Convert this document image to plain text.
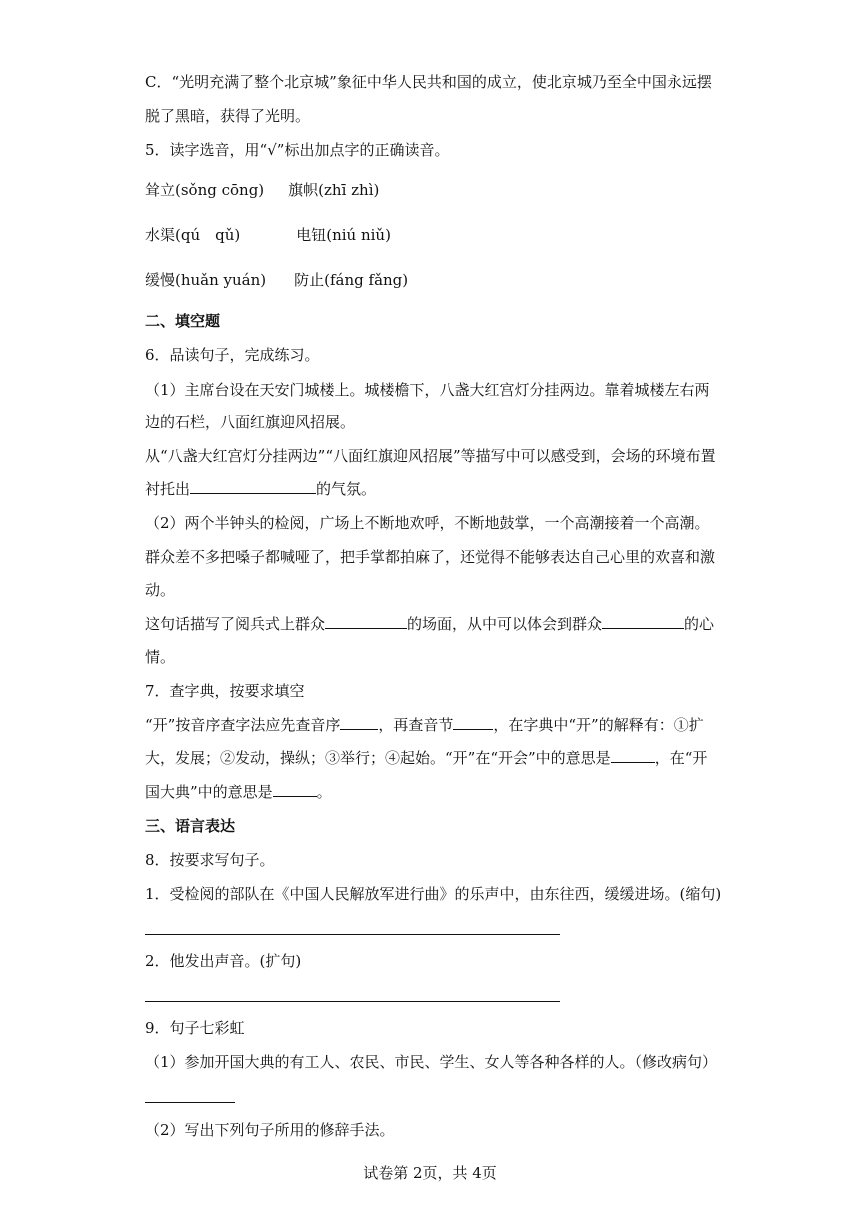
C．“光明充满了整个北京城”象征中华人民共和国的成立，使北京城乃至全中国永远摆
脱了黑暗，获得了光明。
5．读字选音，用“√”标出加点字的正确读音。
耸立(sǒng cōng) 旗帜(zhī zhì)
水渠(qú　qǔ)	电钮(niú niǔ)
缓慢(huǎn yuán) 防止(fáng fǎng)
二、填空题
6．品读句子，完成练习。
（1）主席台设在天安门城楼上。城楼檐下，八盏大红宫灯分挂两边。靠着城楼左右两
边的石栏，八面红旗迎风招展。
从“八盏大红宫灯分挂两边”“八面红旗迎风招展”等描写中可以感受到，会场的环境布置
衬托出	的气氛。
（2）两个半钟头的检阅，广场上不断地欢呼，不断地鼓掌，一个高潮接着一个高潮。
群众差不多把嗓子都喊哑了，把手掌都拍麻了，还觉得不能够表达自己心里的欢喜和激
动。
这句话描写了阅兵式上群众	的场面，从中可以体会到群众	的心
情。
7．查字典，按要求填空
“开”按音序查字法应先查音序	，再查音节	，在字典中“开”的解释有：①扩
大，发展；②发动，操纵；③举行；④起始。“开”在“开会”中的意思是	，在“开
国大典”中的意思是	。
三、语言表达
8．按要求写句子。
1．受检阅的部队在《中国人民解放军进行曲》的乐声中，由东往西，缓缓进场。(缩句)
2．他发出声音。(扩句)
9．句子七彩虹
（1）参加开国大典的有工人、农民、市民、学生、女人等各种各样的人。（修改病句）
（2）写出下列句子所用的修辞手法。
试卷第 2页，共 4页
